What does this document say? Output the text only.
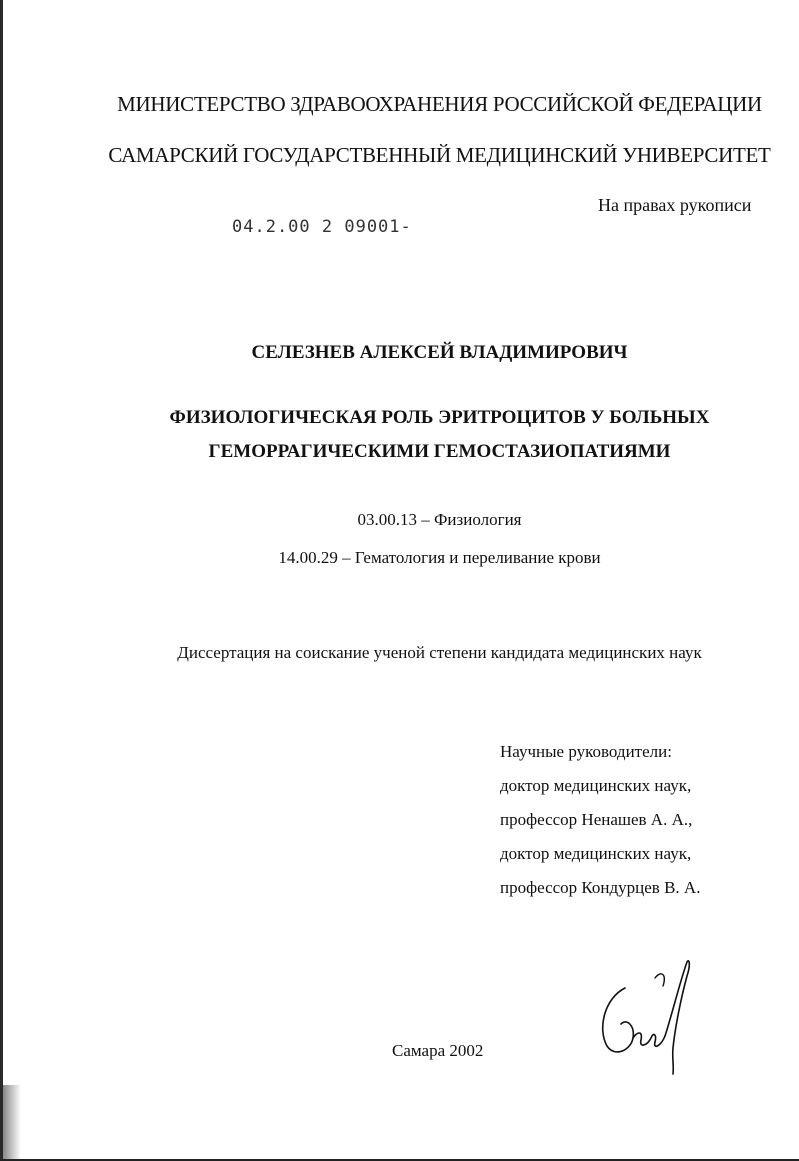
МИНИСТЕРСТВО ЗДРАВООХРАНЕНИЯ РОССИЙСКОЙ ФЕДЕРАЦИИ
САМАРСКИЙ ГОСУДАРСТВЕННЫЙ МЕДИЦИНСКИЙ УНИВЕРСИТЕТ
На правах рукописи
04.2.00 2 09001-
СЕЛЕЗНЕВ АЛЕКСЕЙ ВЛАДИМИРОВИЧ
ФИЗИОЛОГИЧЕСКАЯ РОЛЬ ЭРИТРОЦИТОВ У БОЛЬНЫХ
ГЕМОРРАГИЧЕСКИМИ ГЕМОСТАЗИОПАТИЯМИ
03.00.13 – Физиология
14.00.29 – Гематология и переливание крови
Диссертация на соискание ученой степени кандидата медицинских наук
Научные руководители:
доктор медицинских наук,
профессор Ненашев А. А.,
доктор медицинских наук,
профессор Кондурцев В. А.
Самара 2002
